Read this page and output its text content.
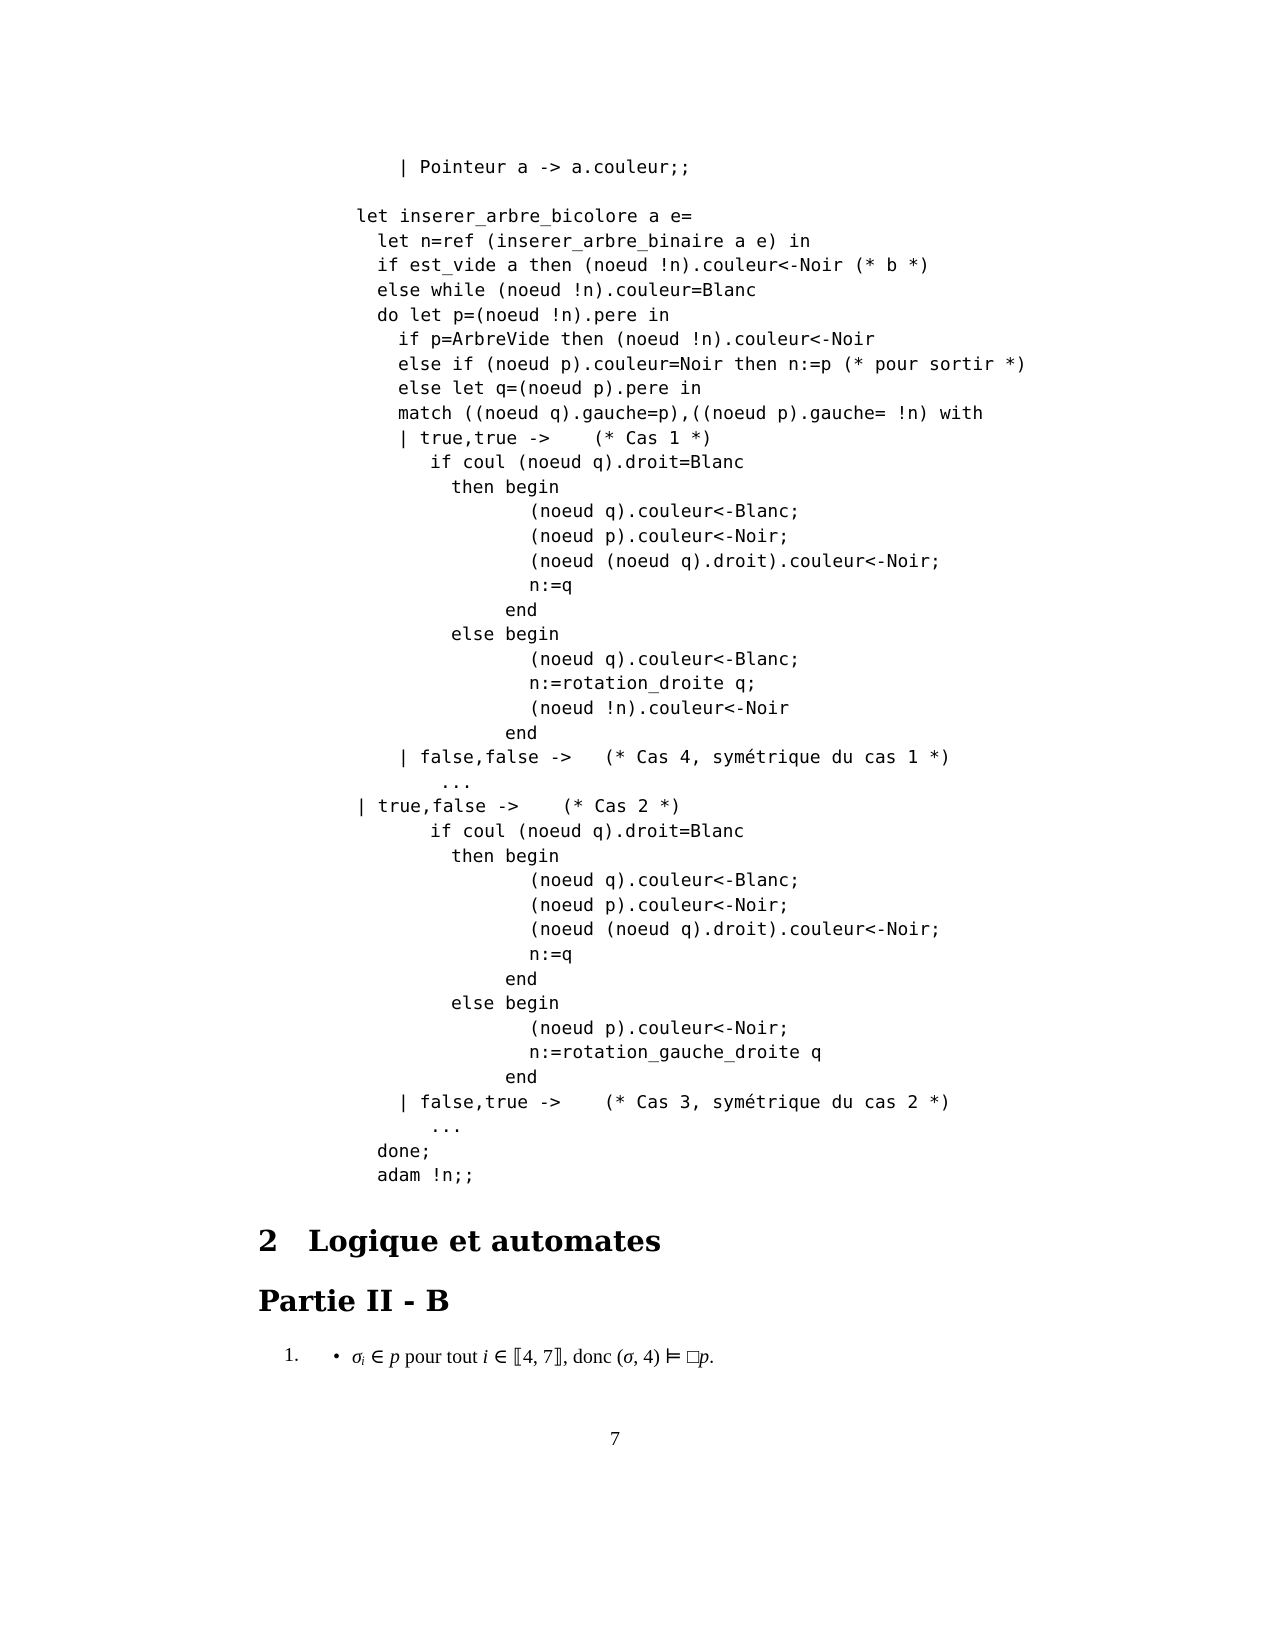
| Pointeur a -> a.couleur;;
let inserer_arbre_bicolore a e=
let n=ref (inserer_arbre_binaire a e) in
if est_vide a then (noeud !n).couleur<-Noir (* b *)
else while (noeud !n).couleur=Blanc
do let p=(noeud !n).pere in
if p=ArbreVide then (noeud !n).couleur<-Noir
else if (noeud p).couleur=Noir then n:=p (* pour sortir *)
else let q=(noeud p).pere in
match ((noeud q).gauche=p),((noeud p).gauche= !n) with
| true,true ->    (* Cas 1 *)
if coul (noeud q).droit=Blanc
then begin
(noeud q).couleur<-Blanc;
(noeud p).couleur<-Noir;
(noeud (noeud q).droit).couleur<-Noir;
n:=q
end
else begin
(noeud q).couleur<-Blanc;
n:=rotation_droite q;
(noeud !n).couleur<-Noir
end
| false,false ->   (* Cas 4, symétrique du cas 1 *)
...
| true,false ->    (* Cas 2 *)
if coul (noeud q).droit=Blanc
then begin
(noeud q).couleur<-Blanc;
(noeud p).couleur<-Noir;
(noeud (noeud q).droit).couleur<-Noir;
n:=q
end
else begin
(noeud p).couleur<-Noir;
n:=rotation_gauche_droite q
end
| false,true ->    (* Cas 3, symétrique du cas 2 *)
...
done;
adam !n;;
2 Logique et automates
Partie II - B
1. • σᵢ ∈ p pour tout i ∈ ⟦4, 7⟧, donc (σ, 4) ⊨ □p.
7
